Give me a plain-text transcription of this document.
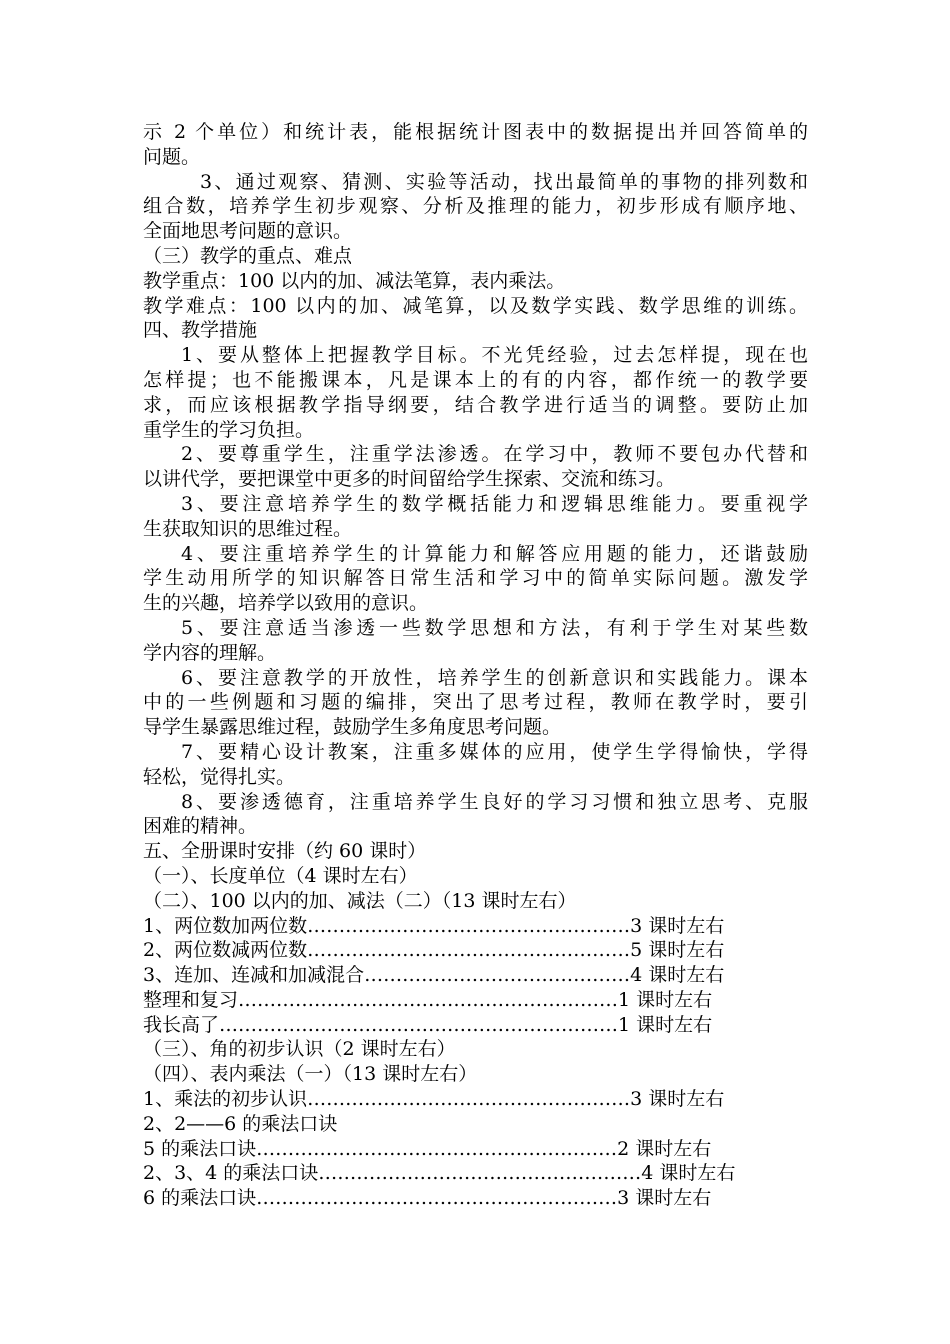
示 2 个单位）和统计表，能根据统计图表中的数据提出并回答简单的
问题。
3、通过观察、猜测、实验等活动，找出最简单的事物的排列数和
组合数，培养学生初步观察、分析及推理的能力，初步形成有顺序地、
全面地思考问题的意识。
（三）教学的重点、难点
教学重点：100 以内的加、减法笔算，表内乘法。
教学难点：100 以内的加、减笔算，以及数学实践、数学思维的训练。
四、教学措施
1、要从整体上把握教学目标。不光凭经验，过去怎样提，现在也
怎样提；也不能搬课本，凡是课本上的有的内容，都作统一的教学要
求，而应该根据教学指导纲要，结合教学进行适当的调整。要防止加
重学生的学习负担。
2、要尊重学生，注重学法渗透。在学习中，教师不要包办代替和
以讲代学，要把课堂中更多的时间留给学生探索、交流和练习。
3、要注意培养学生的数学概括能力和逻辑思维能力。要重视学
生获取知识的思维过程。
4、要注重培养学生的计算能力和解答应用题的能力，还谐鼓励
学生动用所学的知识解答日常生活和学习中的简单实际问题。激发学
生的兴趣，培养学以致用的意识。
5、要注意适当渗透一些数学思想和方法，有利于学生对某些数
学内容的理解。
6、要注意教学的开放性，培养学生的创新意识和实践能力。课本
中的一些例题和习题的编排，突出了思考过程，教师在教学时，要引
导学生暴露思维过程，鼓励学生多角度思考问题。
7、要精心设计教案，注重多媒体的应用，使学生学得愉快，学得
轻松，觉得扎实。
8、要渗透德育，注重培养学生良好的学习习惯和独立思考、克服
困难的精神。
五、全册课时安排（约 60 课时）
（一）、长度单位（4 课时左右）
（二）、100 以内的加、减法（二）（13 课时左右）
1、两位数加两位数……………………………………………3 课时左右
2、两位数减两位数……………………………………………5 课时左右
3、连加、连减和加减混合……………………………………4 课时左右
整理和复习……………………………………………………1 课时左右
我长高了………………………………………………………1 课时左右
（三）、角的初步认识（2 课时左右）
（四）、表内乘法（一）（13 课时左右）
1、乘法的初步认识……………………………………………3 课时左右
2、2——6 的乘法口诀
5 的乘法口诀…………………………………………………2 课时左右
2、3、4 的乘法口诀……………………………………………4 课时左右
6 的乘法口诀…………………………………………………3 课时左右
